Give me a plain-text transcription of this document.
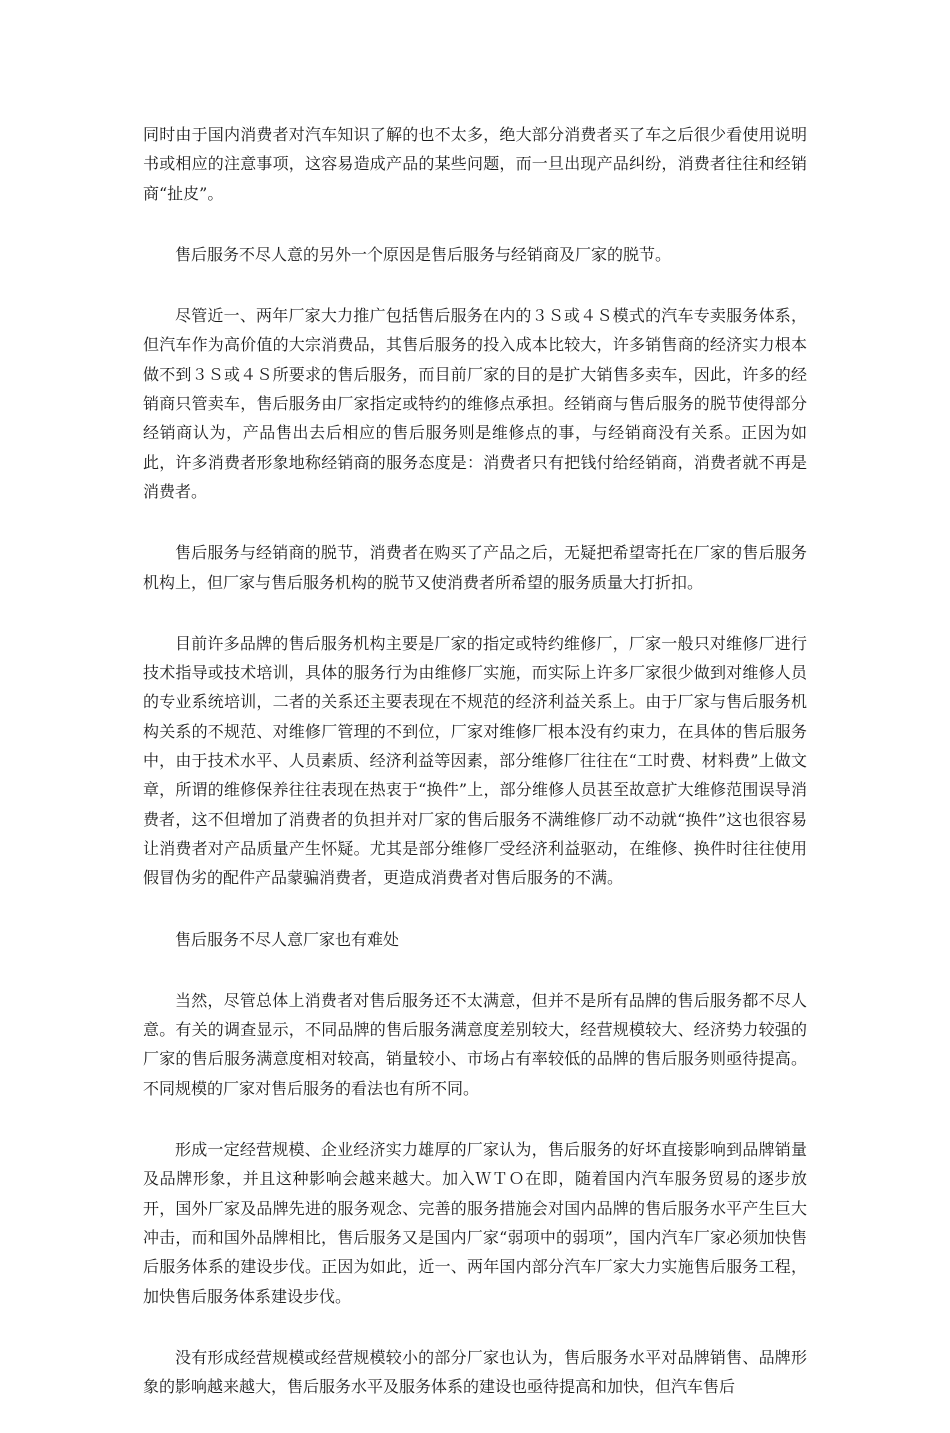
同时由于国内消费者对汽车知识了解的也不太多，绝大部分消费者买了车之后很少看使用说明书或相应的注意事项，这容易造成产品的某些问题，而一旦出现产品纠纷，消费者往往和经销商“扯皮”。

售后服务不尽人意的另外一个原因是售后服务与经销商及厂家的脱节。

尽管近一、两年厂家大力推广包括售后服务在内的３Ｓ或４Ｓ模式的汽车专卖服务体系，但汽车作为高价值的大宗消费品，其售后服务的投入成本比较大，许多销售商的经济实力根本做不到３Ｓ或４Ｓ所要求的售后服务，而目前厂家的目的是扩大销售多卖车，因此，许多的经销商只管卖车，售后服务由厂家指定或特约的维修点承担。经销商与售后服务的脱节使得部分经销商认为，产品售出去后相应的售后服务则是维修点的事，与经销商没有关系。正因为如此，许多消费者形象地称经销商的服务态度是：消费者只有把钱付给经销商，消费者就不再是消费者。

售后服务与经销商的脱节，消费者在购买了产品之后，无疑把希望寄托在厂家的售后服务机构上，但厂家与售后服务机构的脱节又使消费者所希望的服务质量大打折扣。

目前许多品牌的售后服务机构主要是厂家的指定或特约维修厂，厂家一般只对维修厂进行技术指导或技术培训，具体的服务行为由维修厂实施，而实际上许多厂家很少做到对维修人员的专业系统培训，二者的关系还主要表现在不规范的经济利益关系上。由于厂家与售后服务机构关系的不规范、对维修厂管理的不到位，厂家对维修厂根本没有约束力，在具体的售后服务中，由于技术水平、人员素质、经济利益等因素，部分维修厂往往在“工时费、材料费”上做文章，所谓的维修保养往往表现在热衷于“换件”上，部分维修人员甚至故意扩大维修范围误导消费者，这不但增加了消费者的负担并对厂家的售后服务不满维修厂动不动就“换件”这也很容易让消费者对产品质量产生怀疑。尤其是部分维修厂受经济利益驱动，在维修、换件时往往使用假冒伪劣的配件产品蒙骗消费者，更造成消费者对售后服务的不满。

售后服务不尽人意厂家也有难处

当然，尽管总体上消费者对售后服务还不太满意，但并不是所有品牌的售后服务都不尽人意。有关的调查显示，不同品牌的售后服务满意度差别较大，经营规模较大、经济势力较强的厂家的售后服务满意度相对较高，销量较小、市场占有率较低的品牌的售后服务则亟待提高。不同规模的厂家对售后服务的看法也有所不同。

形成一定经营规模、企业经济实力雄厚的厂家认为，售后服务的好坏直接影响到品牌销量及品牌形象，并且这种影响会越来越大。加入ＷＴＯ在即，随着国内汽车服务贸易的逐步放开，国外厂家及品牌先进的服务观念、完善的服务措施会对国内品牌的售后服务水平产生巨大冲击，而和国外品牌相比，售后服务又是国内厂家“弱项中的弱项”，国内汽车厂家必须加快售后服务体系的建设步伐。正因为如此，近一、两年国内部分汽车厂家大力实施售后服务工程，加快售后服务体系建设步伐。

没有形成经营规模或经营规模较小的部分厂家也认为，售后服务水平对品牌销售、品牌形象的影响越来越大，售后服务水平及服务体系的建设也亟待提高和加快，但汽车售后
